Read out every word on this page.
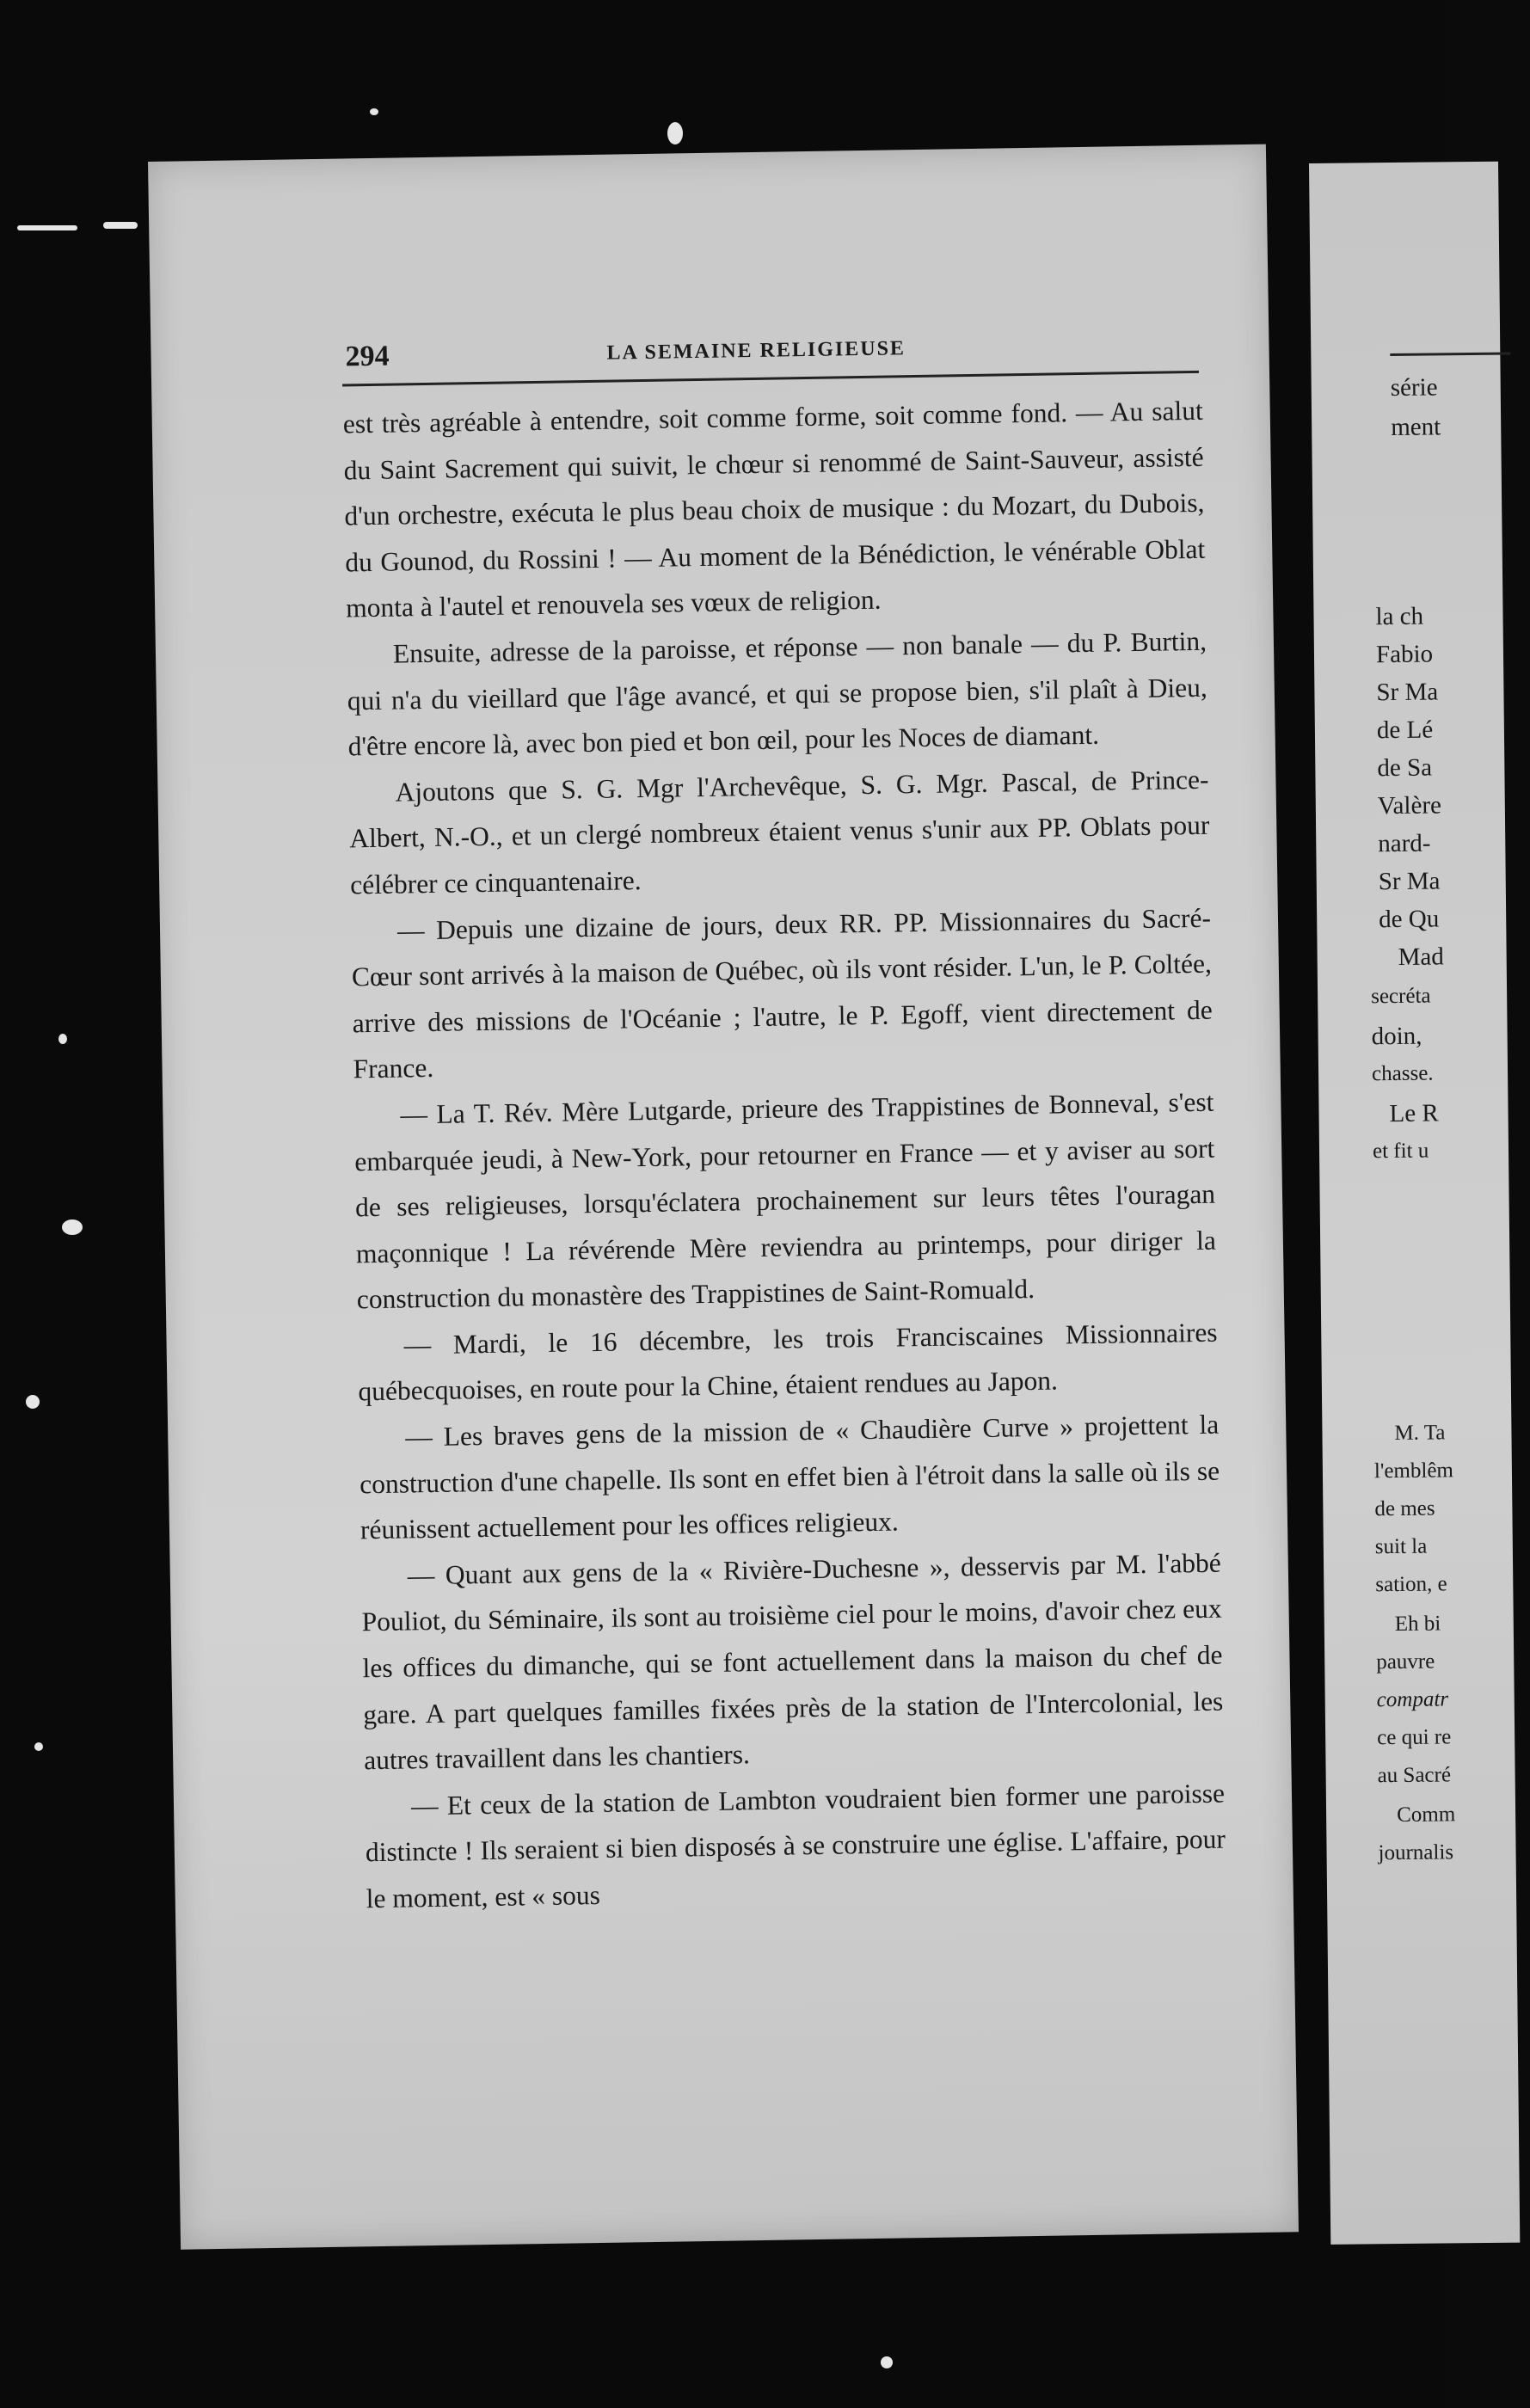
294	LA SEMAINE RELIGIEUSE

est très agréable à entendre, soit comme forme, soit comme fond. — Au salut du Saint Sacrement qui suivit, le chœur si renommé de Saint-Sauveur, assisté d'un orchestre, exécuta le plus beau choix de musique : du Mozart, du Dubois, du Gounod, du Rossini ! — Au moment de la Bénédiction, le vénérable Oblat monta à l'autel et renouvela ses vœux de religion.

Ensuite, adresse de la paroisse, et réponse — non banale — du P. Burtin, qui n'a du vieillard que l'âge avancé, et qui se propose bien, s'il plaît à Dieu, d'être encore là, avec bon pied et bon œil, pour les Noces de diamant.

Ajoutons que S. G. Mgr l'Archevêque, S. G. Mgr. Pascal, de Prince-Albert, N.-O., et un clergé nombreux étaient venus s'unir aux PP. Oblats pour célébrer ce cinquantenaire.

— Depuis une dizaine de jours, deux RR. PP. Missionnaires du Sacré-Cœur sont arrivés à la maison de Québec, où ils vont résider. L'un, le P. Coltée, arrive des missions de l'Océanie ; l'autre, le P. Egoff, vient directement de France.

— La T. Rév. Mère Lutgarde, prieure des Trappistines de Bonneval, s'est embarquée jeudi, à New-York, pour retourner en France — et y aviser au sort de ses religieuses, lorsqu'éclatera prochainement sur leurs têtes l'ouragan maçonnique ! La révérende Mère reviendra au printemps, pour diriger la construction du monastère des Trappistines de Saint-Romuald.

— Mardi, le 16 décembre, les trois Franciscaines Missionnaires québecquoises, en route pour la Chine, étaient rendues au Japon.

— Les braves gens de la mission de « Chaudière Curve » projettent la construction d'une chapelle. Ils sont en effet bien à l'étroit dans la salle où ils se réunissent actuellement pour les offices religieux.

— Quant aux gens de la « Rivière-Duchesne », desservis par M. l'abbé Pouliot, du Séminaire, ils sont au troisième ciel pour le moins, d'avoir chez eux les offices du dimanche, qui se font actuellement dans la maison du chef de gare. A part quelques familles fixées près de la station de l'Intercolonial, les autres travaillent dans les chantiers.

— Et ceux de la station de Lambton voudraient bien former une paroisse distincte ! Ils seraient si bien disposés à se construire une église. L'affaire, pour le moment, est « sous

série
ment
la ch
Fabio
Sr Ma
de Lé
de Sa
Valère
nard-
Sr Ma
de Qu
Mad
secréta
doin,
chasse.
Le R
et fit u
M. Ta
l'emblêm
de mes
suit la
sation, e
Eh bi
pauvre
compatr
ce qui re
au Sacré
Comm
journalis
